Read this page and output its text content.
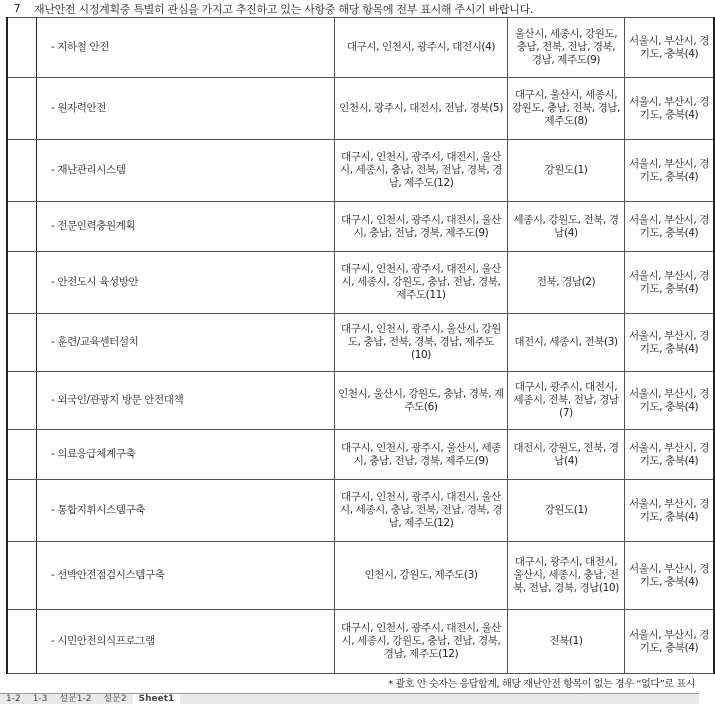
7	재난안전 시정계획중 특별히 관심을 가지고 추진하고 있는 사항중 해당 항목에 전부 표시해 주시기 바랍니다.
	- 지하철 안전	대구시, 인천시, 광주시, 대전시(4)	울산시, 세종시, 강원도, 충남, 전북, 전남, 경북, 경남, 제주도(9)	서울시, 부산시, 경기도, 충북(4)
	- 원자력안전	인천시, 광주시, 대전시, 전남, 경북(5)	대구시, 울산시, 세종시, 강원도, 충남, 전북, 경남, 제주도(8)	서울시, 부산시, 경기도, 충북(4)
	- 재난관리시스템	대구시, 인천시, 광주시, 대전시, 울산시, 세종시, 충남, 전북, 전남, 경북, 경남, 제주도(12)	강원도(1)	서울시, 부산시, 경기도, 충북(4)
	- 전문인력충원계획	대구시, 인천시, 광주시, 대전시, 울산시, 충남, 전남, 경북, 제주도(9)	세종시, 강원도, 전북, 경남(4)	서울시, 부산시, 경기도, 충북(4)
	- 안전도시 육성방안	대구시, 인천시, 광주시, 대전시, 울산시, 세종시, 강원도, 충남, 전남, 경북, 제주도(11)	전북, 경남(2)	서울시, 부산시, 경기도, 충북(4)
	- 훈련/교육센터설치	대구시, 인천시, 광주시, 울산시, 강원도, 충남, 전북, 경북, 경남, 제주도(10)	대전시, 세종시, 전북(3)	서울시, 부산시, 경기도, 충북(4)
	- 외국인/관광지 방문 안전대책	인천시, 울산시, 강원도, 충남, 경북, 제주도(6)	대구시, 광주시, 대전시, 세종시, 전북, 전남, 경남(7)	서울시, 부산시, 경기도, 충북(4)
	- 의료응급체계구축	대구시, 인천시, 광주시, 울산시, 세종시, 충남, 전남, 경북, 제주도(9)	대전시, 강원도, 전북, 경남(4)	서울시, 부산시, 경기도, 충북(4)
	- 통합지휘시스템구축	대구시, 인천시, 광주시, 대전시, 울산시, 세종시, 충남, 전북, 전남, 경북, 경남, 제주도(12)	강원도(1)	서울시, 부산시, 경기도, 충북(4)
	- 선박안전점검시스템구축	인천시, 강원도, 제주도(3)	대구시, 광주시, 대전시, 울산시, 세종시, 충남, 전북, 전남, 경북, 경남(10)	서울시, 부산시, 경기도, 충북(4)
	- 시민안전의식프로그램	대구시, 인천시, 광주시, 대전시, 울산시, 세종시, 강원도, 충남, 전남, 경북, 경남, 제주도(12)	전북(1)	서울시, 부산시, 경기도, 충북(4)
* 괄호 안 숫자는 응답합계, 해당 재난안전 항목이 없는 경우 “없다”로 표시
1-2 1-3 설문1-2 설문2 Sheet1
